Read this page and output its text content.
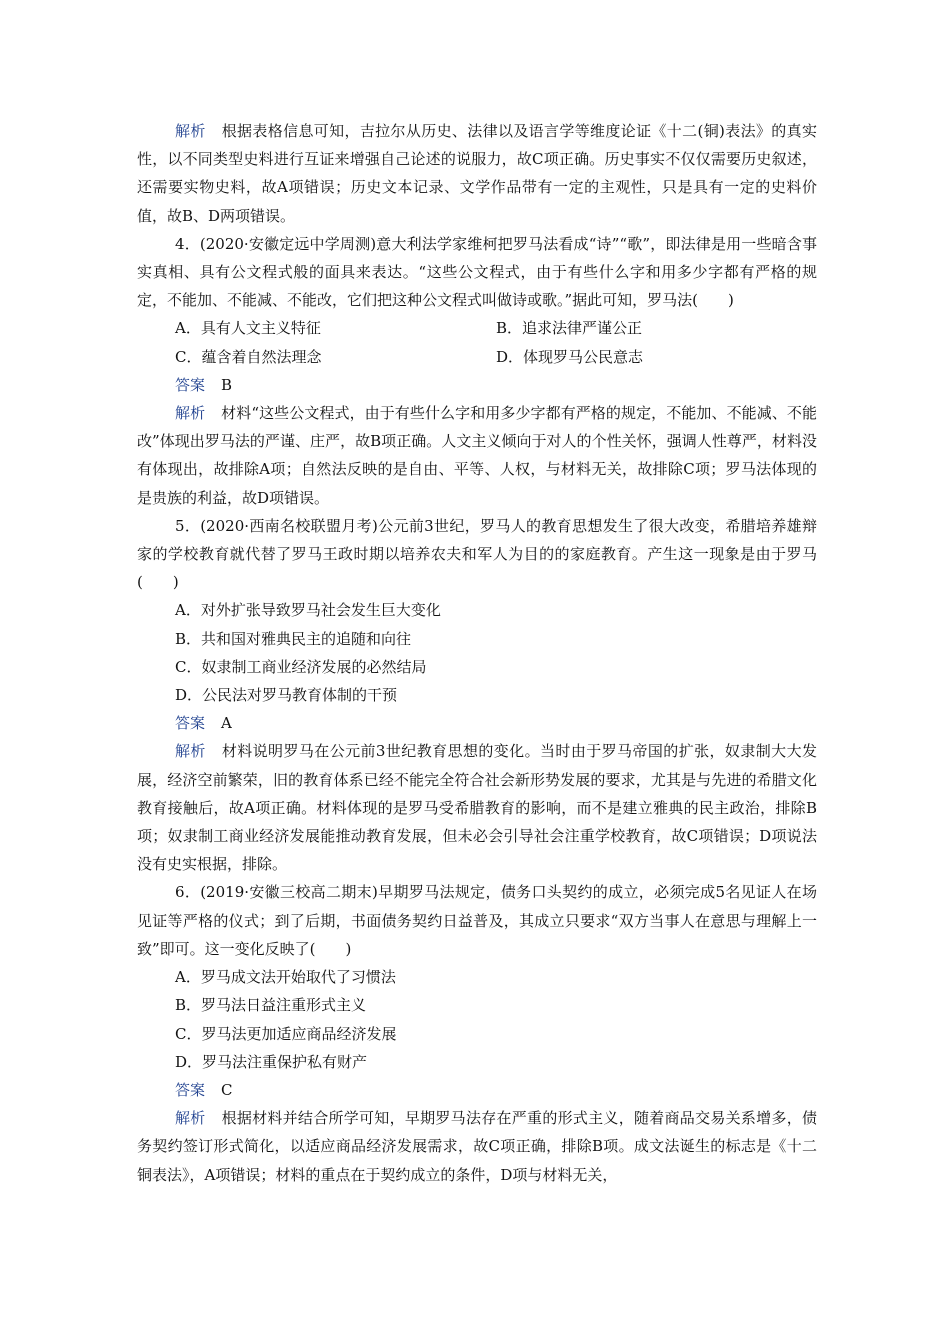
解析 根据表格信息可知，吉拉尔从历史、法律以及语言学等维度论证《十二(铜)表法》的真实性，以不同类型史料进行互证来增强自己论述的说服力，故C项正确。历史事实不仅仅需要历史叙述，还需要实物史料，故A项错误；历史文本记录、文学作品带有一定的主观性，只是具有一定的史料价值，故B、D两项错误。

4．(2020·安徽定远中学周测)意大利法学家维柯把罗马法看成“诗”“歌”，即法律是用一些暗含事实真相、具有公文程式般的面具来表达。“这些公文程式，由于有些什么字和用多少字都有严格的规定，不能加、不能减、不能改，它们把这种公文程式叫做诗或歌。”据此可知，罗马法(　　)

A．具有人文主义特征	B．追求法律严谨公正
C．蕴含着自然法理念	D．体现罗马公民意志

答案 B

解析 材料“这些公文程式，由于有些什么字和用多少字都有严格的规定，不能加、不能减、不能改”体现出罗马法的严谨、庄严，故B项正确。人文主义倾向于对人的个性关怀，强调人性尊严，材料没有体现出，故排除A项；自然法反映的是自由、平等、人权，与材料无关，故排除C项；罗马法体现的是贵族的利益，故D项错误。

5．(2020·西南名校联盟月考)公元前3世纪，罗马人的教育思想发生了很大改变，希腊培养雄辩家的学校教育就代替了罗马王政时期以培养农夫和军人为目的的家庭教育。产生这一现象是由于罗马(　　)

A．对外扩张导致罗马社会发生巨大变化

B．共和国对雅典民主的追随和向往

C．奴隶制工商业经济发展的必然结局

D．公民法对罗马教育体制的干预

答案 A

解析 材料说明罗马在公元前3世纪教育思想的变化。当时由于罗马帝国的扩张，奴隶制大大发展，经济空前繁荣，旧的教育体系已经不能完全符合社会新形势发展的要求，尤其是与先进的希腊文化教育接触后，故A项正确。材料体现的是罗马受希腊教育的影响，而不是建立雅典的民主政治，排除B项；奴隶制工商业经济发展能推动教育发展，但未必会引导社会注重学校教育，故C项错误；D项说法没有史实根据，排除。

6．(2019·安徽三校高二期末)早期罗马法规定，债务口头契约的成立，必须完成5名见证人在场见证等严格的仪式；到了后期，书面债务契约日益普及，其成立只要求“双方当事人在意思与理解上一致”即可。这一变化反映了(　　)

A．罗马成文法开始取代了习惯法

B．罗马法日益注重形式主义

C．罗马法更加适应商品经济发展

D．罗马法注重保护私有财产

答案 C

解析 根据材料并结合所学可知，早期罗马法存在严重的形式主义，随着商品交易关系增多，债务契约签订形式简化，以适应商品经济发展需求，故C项正确，排除B项。成文法诞生的标志是《十二铜表法》，A项错误；材料的重点在于契约成立的条件，D项与材料无关，
